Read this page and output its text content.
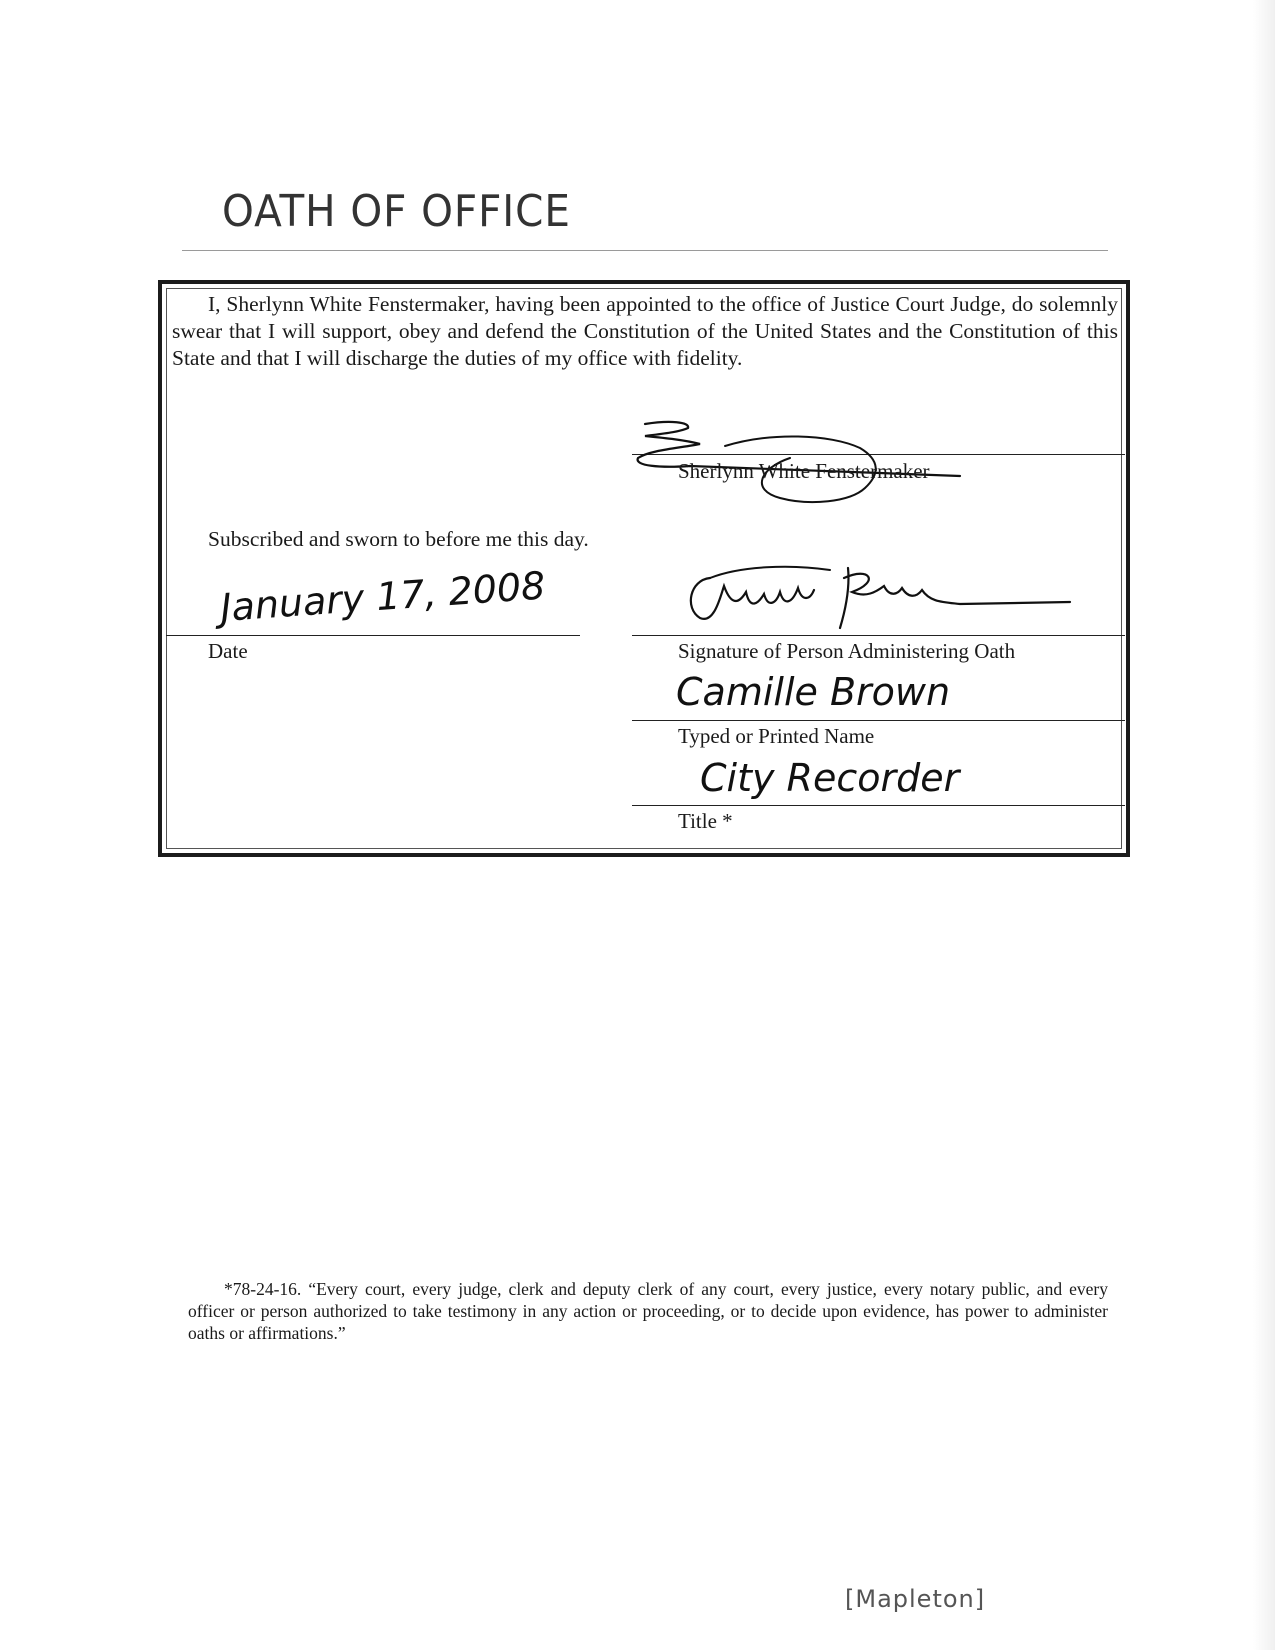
OATH OF OFFICE

I, Sherlynn White Fenstermaker, having been appointed to the office of Justice Court Judge, do solemnly swear that I will support, obey and defend the Constitution of the United States and the Constitution of this State and that I will discharge the duties of my office with fidelity.

Sherlynn White Fenstermaker

Subscribed and sworn to before me this day.

January 17, 2008

Date	Signature of Person Administering Oath

Camille Brown

Typed or Printed Name

City Recorder

Title *

*78-24-16. “Every court, every judge, clerk and deputy clerk of any court, every justice, every notary public, and every officer or person authorized to take testimony in any action or proceeding, or to decide upon evidence, has power to administer oaths or affirmations.”

[Mapleton]
